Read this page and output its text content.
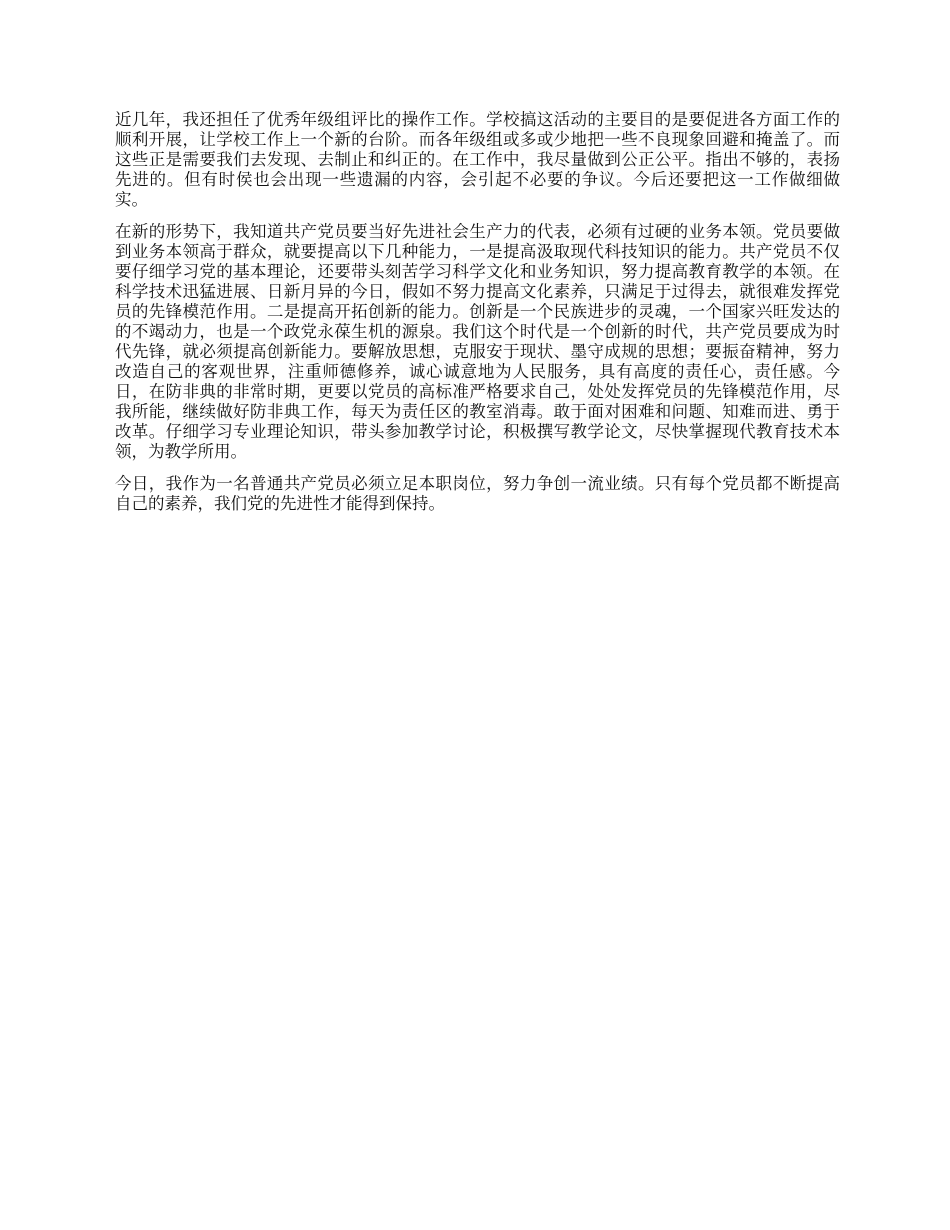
近几年，我还担任了优秀年级组评比的操作工作。学校搞这活动的主要目的是要促进各方面工作的顺利开展，让学校工作上一个新的台阶。而各年级组或多或少地把一些不良现象回避和掩盖了。而这些正是需要我们去发现、去制止和纠正的。在工作中，我尽量做到公正公平。指出不够的，表扬先进的。但有时侯也会出现一些遗漏的内容，会引起不必要的争议。今后还要把这一工作做细做实。

在新的形势下，我知道共产党员要当好先进社会生产力的代表，必须有过硬的业务本领。党员要做到业务本领高于群众，就要提高以下几种能力，一是提高汲取现代科技知识的能力。共产党员不仅要仔细学习党的基本理论，还要带头刻苦学习科学文化和业务知识，努力提高教育教学的本领。在科学技术迅猛进展、日新月异的今日，假如不努力提高文化素养，只满足于过得去，就很难发挥党员的先锋模范作用。二是提高开拓创新的能力。创新是一个民族进步的灵魂，一个国家兴旺发达的的不竭动力，也是一个政党永葆生机的源泉。我们这个时代是一个创新的时代，共产党员要成为时代先锋，就必须提高创新能力。要解放思想，克服安于现状、墨守成规的思想；要振奋精神，努力改造自己的客观世界，注重师德修养，诚心诚意地为人民服务，具有高度的责任心，责任感。今日，在防非典的非常时期，更要以党员的高标准严格要求自己，处处发挥党员的先锋模范作用，尽我所能，继续做好防非典工作，每天为责任区的教室消毒。敢于面对困难和问题、知难而进、勇于改革。仔细学习专业理论知识，带头参加教学讨论，积极撰写教学论文，尽快掌握现代教育技术本领，为教学所用。

今日，我作为一名普通共产党员必须立足本职岗位，努力争创一流业绩。只有每个党员都不断提高自己的素养，我们党的先进性才能得到保持。
